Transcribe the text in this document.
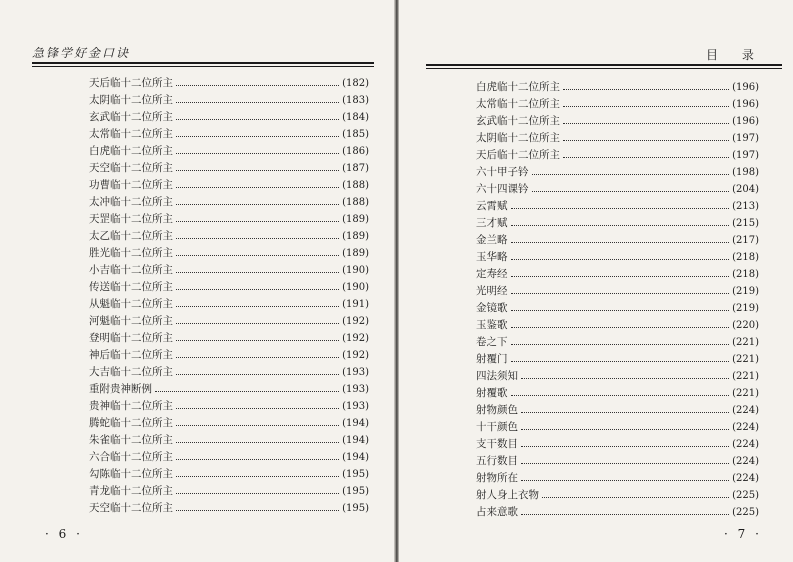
急锋学好金口诀
天后临十二位所主	(182)
太阴临十二位所主	(183)
玄武临十二位所主	(184)
太常临十二位所主	(185)
白虎临十二位所主	(186)
天空临十二位所主	(187)
功曹临十二位所主	(188)
太冲临十二位所主	(188)
天罡临十二位所主	(189)
太乙临十二位所主	(189)
胜光临十二位所主	(189)
小吉临十二位所主	(190)
传送临十二位所主	(190)
从魁临十二位所主	(191)
河魁临十二位所主	(192)
登明临十二位所主	(192)
神后临十二位所主	(192)
大吉临十二位所主	(193)
重附贵神断例	(193)
贵神临十二位所主	(193)
腾蛇临十二位所主	(194)
朱雀临十二位所主	(194)
六合临十二位所主	(194)
勾陈临十二位所主	(195)
青龙临十二位所主	(195)
天空临十二位所主	(195)
· 6 ·
目 录
白虎临十二位所主	(196)
太常临十二位所主	(196)
玄武临十二位所主	(196)
太阴临十二位所主	(197)
天后临十二位所主	(197)
六十甲子钤	(198)
六十四课钤	(204)
云霄赋	(213)
三才赋	(215)
金兰略	(217)
玉华略	(218)
定寿经	(218)
光明经	(219)
金镜歌	(219)
玉鉴歌	(220)
卷之下	(221)
射覆门	(221)
四法须知	(221)
射覆歌	(221)
射物颜色	(224)
十干颜色	(224)
支干数目	(224)
五行数目	(224)
射物所在	(224)
射人身上衣物	(225)
占来意歌	(225)
· 7 ·
